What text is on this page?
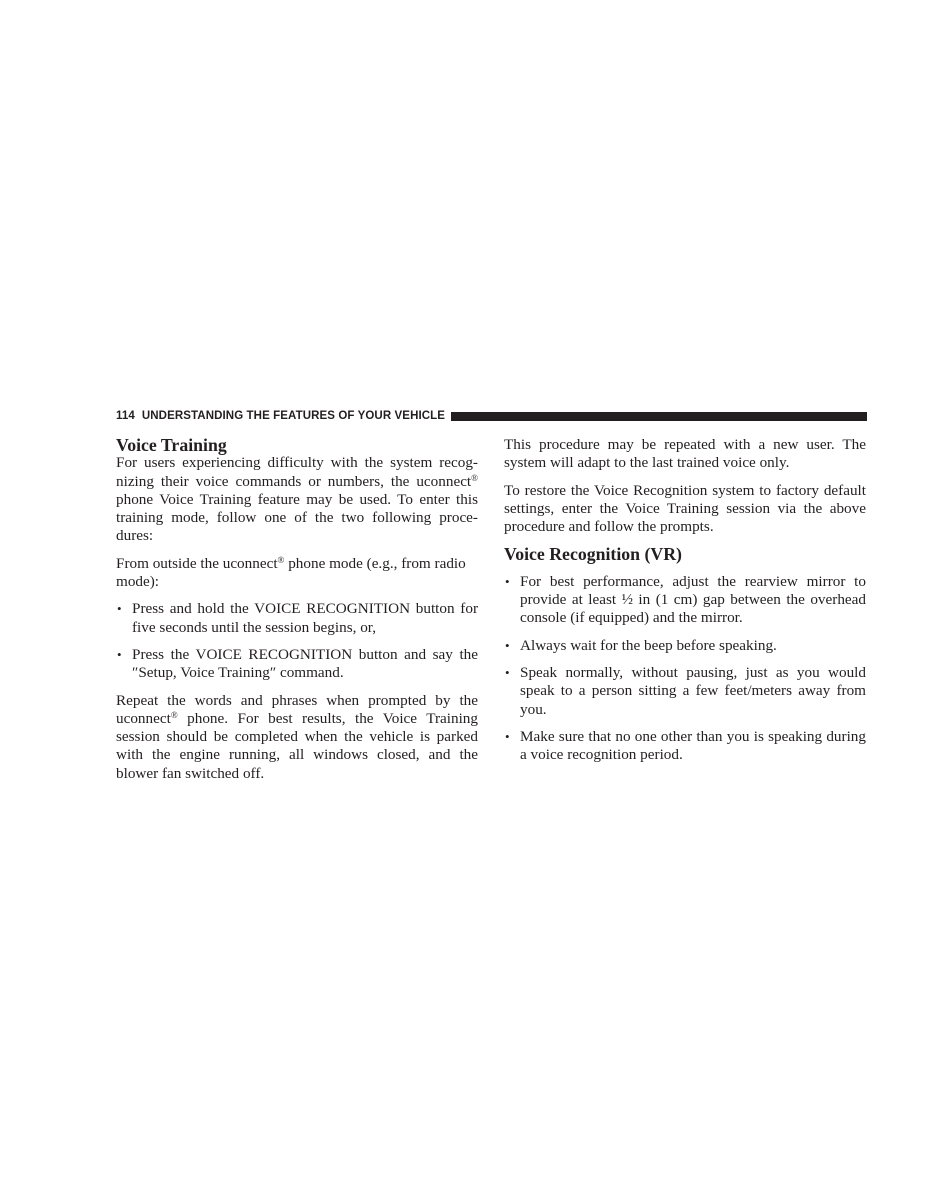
114 UNDERSTANDING THE FEATURES OF YOUR VEHICLE
Voice Training

For users experiencing difficulty with the system recog- nizing their voice commands or numbers, the uconnect® phone Voice Training feature may be used. To enter this training mode, follow one of the two following proce- dures:

From outside the uconnect® phone mode (e.g., from radio mode):

• Press and hold the VOICE RECOGNITION button for five seconds until the session begins, or,
• Press the VOICE RECOGNITION button and say the ″Setup, Voice Training″ command.

Repeat the words and phrases when prompted by the uconnect® phone. For best results, the Voice Training session should be completed when the vehicle is parked with the engine running, all windows closed, and the blower fan switched off.

This procedure may be repeated with a new user. The system will adapt to the last trained voice only.

To restore the Voice Recognition system to factory default settings, enter the Voice Training session via the above procedure and follow the prompts.

Voice Recognition (VR)
• For best performance, adjust the rearview mirror to provide at least ½ in (1 cm) gap between the overhead console (if equipped) and the mirror.
• Always wait for the beep before speaking.
• Speak normally, without pausing, just as you would speak to a person sitting a few feet/meters away from you.
• Make sure that no one other than you is speaking during a voice recognition period.
